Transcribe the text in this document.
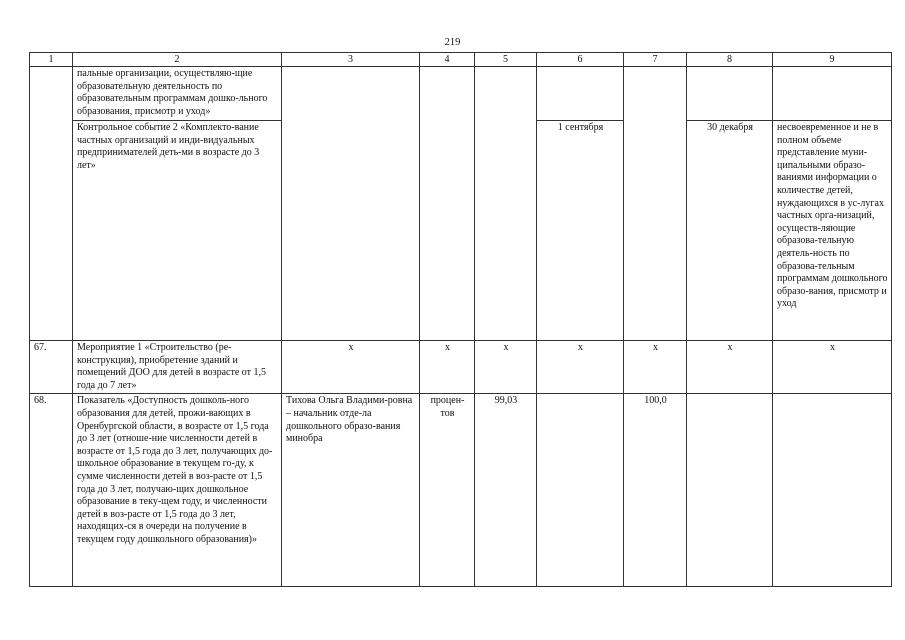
219
1	2	3	4	5	6	7	8	9
	пальные организации, осуществляю-щие образовательную деятельность по образовательным программам дошко-льного образования, присмотр и уход»							
	Контрольное событие 2 «Комплекто-вание частных организаций и инди-видуальных предпринимателей деть-ми в возрасте до 3 лет»				1 сентября		30 декабря	несвоевременное и не в полном объеме представление муни-ципальными образо-ваниями информации о количестве детей, нуждающихся в ус-лугах частных орга-низаций, осуществ-ляющие образова-тельную деятель-ность по образова-тельным программам дошкольного образо-вания, присмотр и уход
67.	Мероприятие 1 «Строительство (ре-конструкция), приобретение зданий и помещений ДОО для детей в возрасте от 1,5 года до 7 лет»	х	х	х	х	х	х	х
68.	Показатель «Доступность дошколь-ного образования для детей, прожи-вающих в Оренбургской области, в возрасте от 1,5 года до 3 лет (отноше-ние численности детей в возрасте от 1,5 года до 3 лет, получающих до-школьное образование в текущем го-ду, к сумме численности детей в воз-расте от 1,5 года до 3 лет, получаю-щих дошкольное образование в теку-щем году, и численности детей в воз-расте от 1,5 года до 3 лет, находящих-ся в очереди на получение в текущем году дошкольного образования)»	Тихова Ольга Владими-ровна – начальник отде-ла дошкольного образо-вания минобра	процен-тов	99,03		100,0		
